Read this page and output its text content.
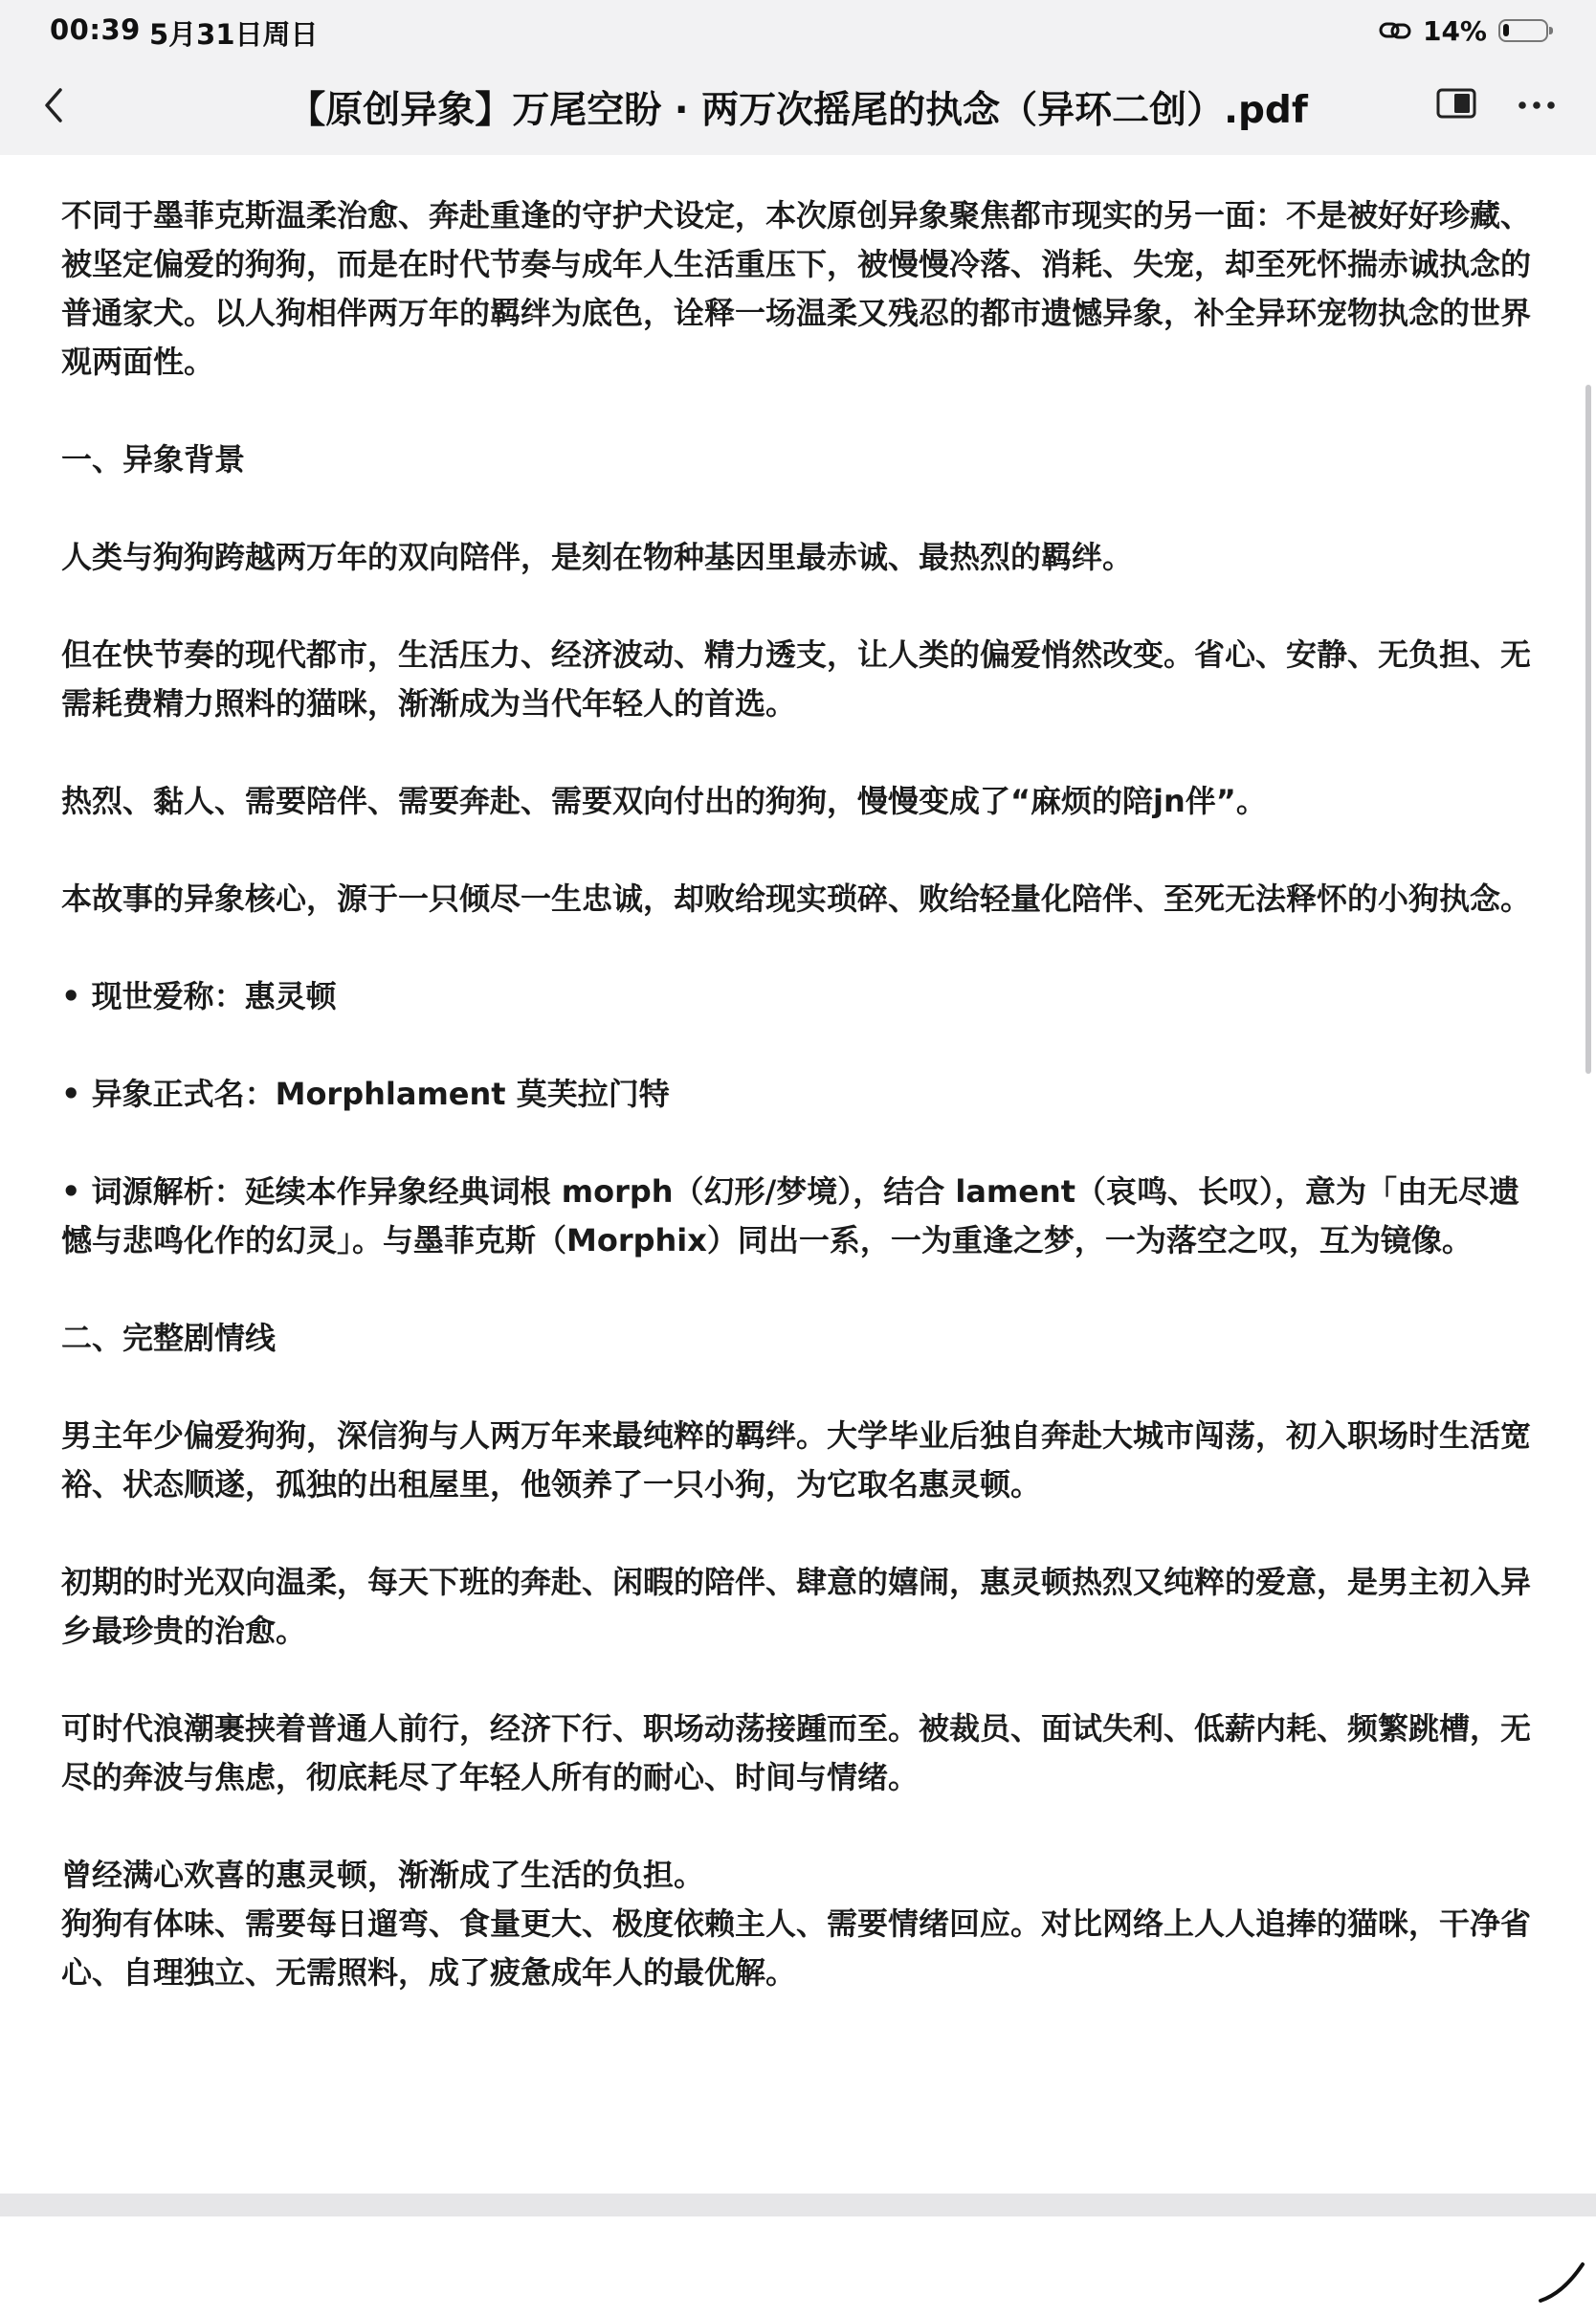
00:39 5月31日周日	14%
【原创异象】万尾空盼 · 两万次摇尾的执念（异环二创）.pdf

不同于墨菲克斯温柔治愈、奔赴重逢的守护犬设定，本次原创异象聚焦都市现实的另一面：不是被好好珍藏、被坚定偏爱的狗狗，而是在时代节奏与成年人生活重压下，被慢慢冷落、消耗、失宠，却至死怀揣赤诚执念的普通家犬。以人狗相伴两万年的羁绊为底色，诠释一场温柔又残忍的都市遗憾异象，补全异环宠物执念的世界观两面性。

一、异象背景

人类与狗狗跨越两万年的双向陪伴，是刻在物种基因里最赤诚、最热烈的羁绊。

但在快节奏的现代都市，生活压力、经济波动、精力透支，让人类的偏爱悄然改变。省心、安静、无负担、无需耗费精力照料的猫咪，渐渐成为当代年轻人的首选。

热烈、黏人、需要陪伴、需要奔赴、需要双向付出的狗狗，慢慢变成了“麻烦的陪jn伴”。

本故事的异象核心，源于一只倾尽一生忠诚，却败给现实琐碎、败给轻量化陪伴、至死无法释怀的小狗执念。

• 现世爱称：惠灵顿

• 异象正式名：Morphlament 莫芙拉门特

• 词源解析：延续本作异象经典词根 morph（幻形/梦境），结合 lament（哀鸣、长叹），意为「由无尽遗憾与悲鸣化作的幻灵」。与墨菲克斯（Morphix）同出一系，一为重逢之梦，一为落空之叹，互为镜像。

二、完整剧情线

男主年少偏爱狗狗，深信狗与人两万年来最纯粹的羁绊。大学毕业后独自奔赴大城市闯荡，初入职场时生活宽裕、状态顺遂，孤独的出租屋里，他领养了一只小狗，为它取名惠灵顿。

初期的时光双向温柔，每天下班的奔赴、闲暇的陪伴、肆意的嬉闹，惠灵顿热烈又纯粹的爱意，是男主初入异乡最珍贵的治愈。

可时代浪潮裹挟着普通人前行，经济下行、职场动荡接踵而至。被裁员、面试失利、低薪内耗、频繁跳槽，无尽的奔波与焦虑，彻底耗尽了年轻人所有的耐心、时间与情绪。

曾经满心欢喜的惠灵顿，渐渐成了生活的负担。

狗狗有体味、需要每日遛弯、食量更大、极度依赖主人、需要情绪回应。对比网络上人人追捧的猫咪，干净省心、自理独立、无需照料，成了疲惫成年人的最优解。
